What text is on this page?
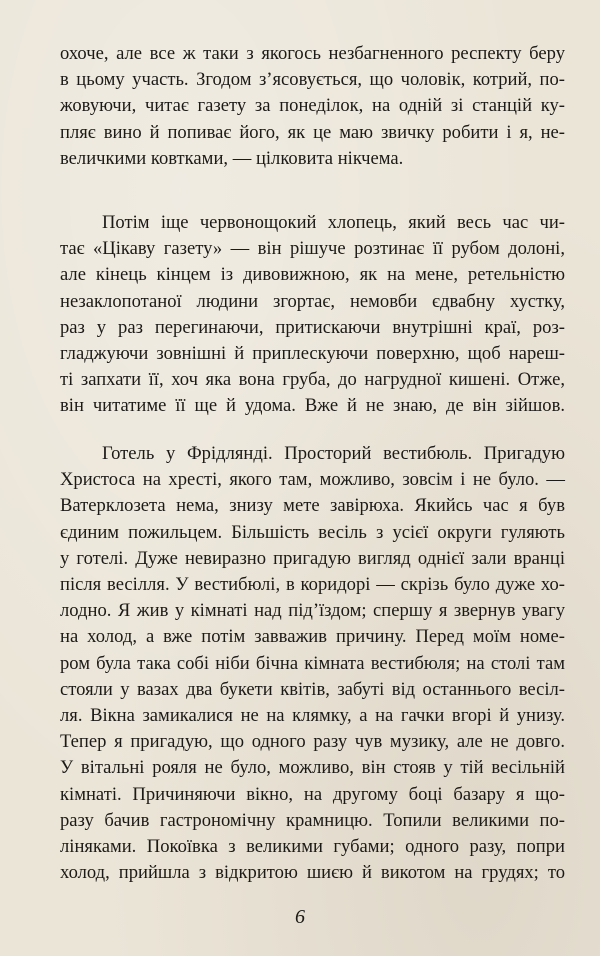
охоче, але все ж таки з якогось незбагненного респекту беру
в цьому участь. Згодом з’ясовується, що чоловік, котрий, по-
жовуючи, читає газету за понеділок, на одній зі станцій ку-
пляє вино й попиває його, як це маю звичку робити і я, не-
величкими ковтками, — цілковита нікчема.
Потім іще червонощокий хлопець, який весь час чи-
тає «Цікаву газету» — він рішуче розтинає її рубом долоні,
але кінець кінцем із дивовижною, як на мене, ретельністю
незаклопотаної людини згортає, немовби єдвабну хустку,
раз у раз перегинаючи, притискаючи внутрішні краї, роз-
гладжуючи зовнішні й приплескуючи поверхню, щоб нареш-
ті запхати її, хоч яка вона груба, до нагрудної кишені. Отже,
він читатиме її ще й удома. Вже й не знаю, де він зійшов.
Готель у Фрідлянді. Просторий вестибюль. Пригадую
Христоса на хресті, якого там, можливо, зовсім і не було. —
Ватерклозета нема, знизу мете завірюха. Якийсь час я був
єдиним пожильцем. Більшість весіль з усієї округи гуляють
у готелі. Дуже невиразно пригадую вигляд однієї зали вранці
після весілля. У вестибюлі, в коридорі — скрізь було дуже хо-
лодно. Я жив у кімнаті над під’їздом; спершу я звернув увагу
на холод, а вже потім завважив причину. Перед моїм номе-
ром була така собі ніби бічна кімната вестибюля; на столі там
стояли у вазах два букети квітів, забуті від останнього весіл-
ля. Вікна замикалися не на клямку, а на гачки вгорі й унизу.
Тепер я пригадую, що одного разу чув музику, але не довго.
У вітальні рояля не було, можливо, він стояв у тій весільній
кімнаті. Причиняючи вікно, на другому боці базару я що-
разу бачив гастрономічну крамницю. Топили великими по-
ліняками. Покоївка з великими губами; одного разу, попри
холод, прийшла з відкритою шиєю й викотом на грудях; то
6
